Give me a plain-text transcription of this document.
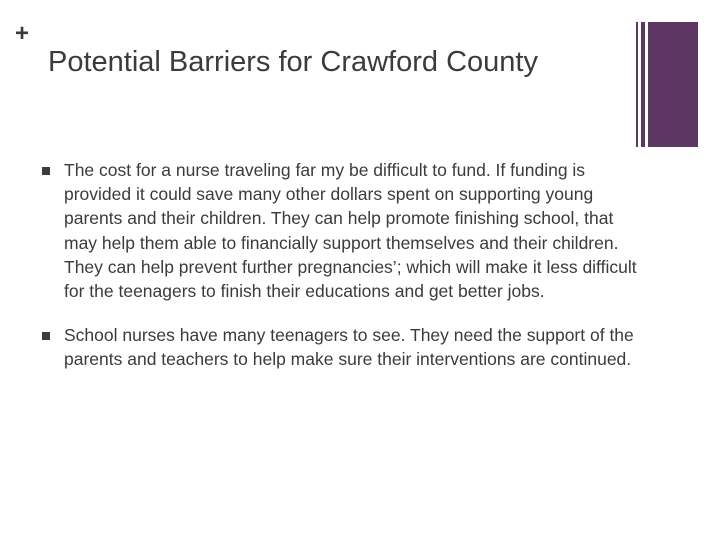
+
Potential Barriers for Crawford County
The cost for a nurse traveling far my be difficult to fund. If funding is provided it could save many other dollars spent on supporting young parents and their children. They can help promote finishing school, that may help them able to financially support themselves and their children. They can help prevent further pregnancies’; which will make it less difficult for the teenagers to finish their educations and get better jobs.
School nurses have many teenagers to see. They need the support of the parents and teachers to help make sure their interventions are continued.
